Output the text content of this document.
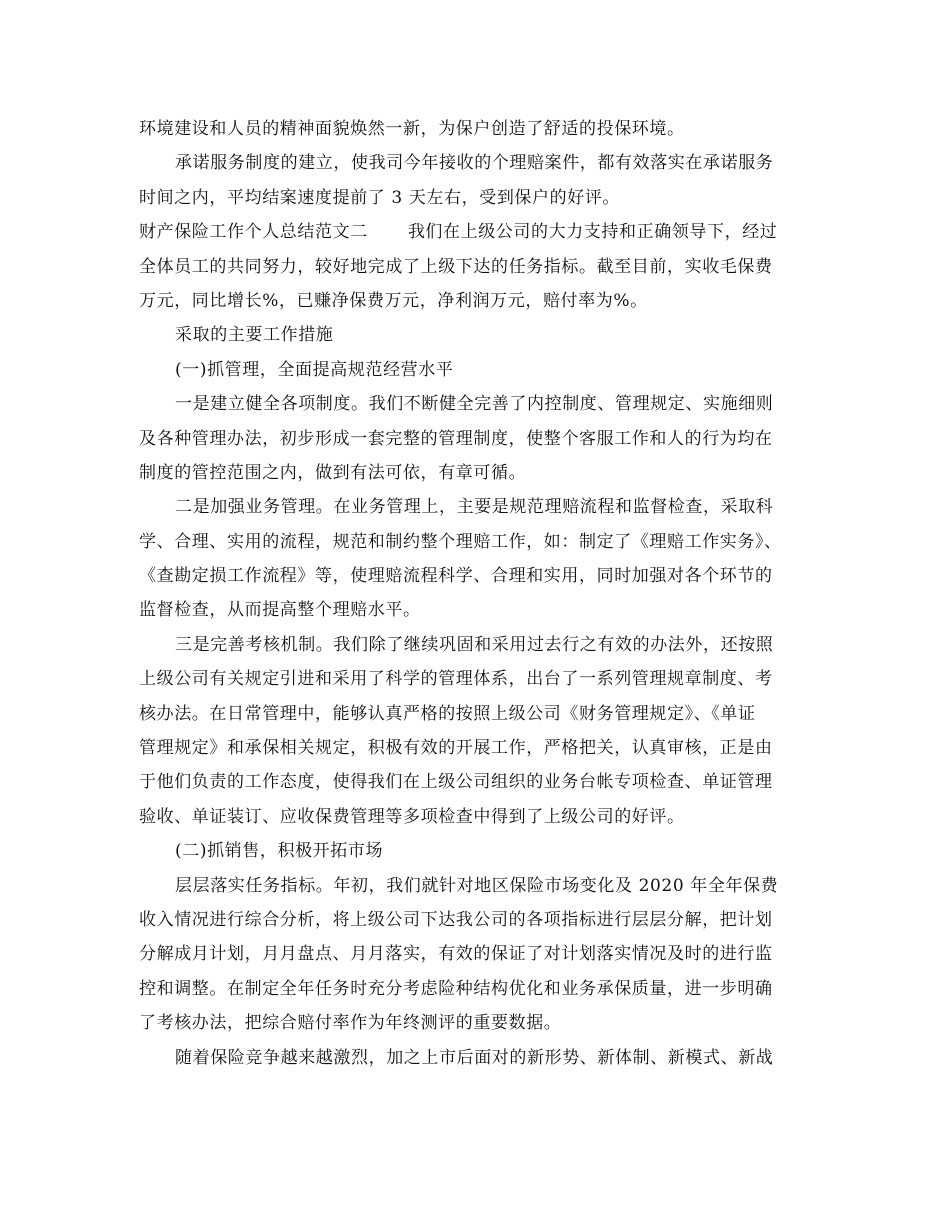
环境建设和人员的精神面貌焕然一新，为保户创造了舒适的投保环境。
承诺服务制度的建立，使我司今年接收的个理赔案件，都有效落实在承诺服务
时间之内，平均结案速度提前了 3 天左右，受到保户的好评。
财产保险工作个人总结范文二 我们在上级公司的大力支持和正确领导下，经过
全体员工的共同努力，较好地完成了上级下达的任务指标。截至目前，实收毛保费
万元，同比增长%，已赚净保费万元，净利润万元，赔付率为%。
采取的主要工作措施
(一)抓管理，全面提高规范经营水平
一是建立健全各项制度。我们不断健全完善了内控制度、管理规定、实施细则
及各种管理办法，初步形成一套完整的管理制度，使整个客服工作和人的行为均在
制度的管控范围之内，做到有法可依，有章可循。
二是加强业务管理。在业务管理上，主要是规范理赔流程和监督检查，采取科
学、合理、实用的流程，规范和制约整个理赔工作，如：制定了《理赔工作实务》、
《查勘定损工作流程》等，使理赔流程科学、合理和实用，同时加强对各个环节的
监督检查，从而提高整个理赔水平。
三是完善考核机制。我们除了继续巩固和采用过去行之有效的办法外，还按照
上级公司有关规定引进和采用了科学的管理体系，出台了一系列管理规章制度、考
核办法。在日常管理中，能够认真严格的按照上级公司《财务管理规定》、《单证
管理规定》和承保相关规定，积极有效的开展工作，严格把关，认真审核，正是由
于他们负责的工作态度，使得我们在上级公司组织的业务台帐专项检查、单证管理
验收、单证装订、应收保费管理等多项检查中得到了上级公司的好评。
(二)抓销售，积极开拓市场
层层落实任务指标。年初，我们就针对地区保险市场变化及 2020 年全年保费
收入情况进行综合分析，将上级公司下达我公司的各项指标进行层层分解，把计划
分解成月计划，月月盘点、月月落实，有效的保证了对计划落实情况及时的进行监
控和调整。在制定全年任务时充分考虑险种结构优化和业务承保质量，进一步明确
了考核办法，把综合赔付率作为年终测评的重要数据。
随着保险竞争越来越激烈，加之上市后面对的新形势、新体制、新模式、新战
